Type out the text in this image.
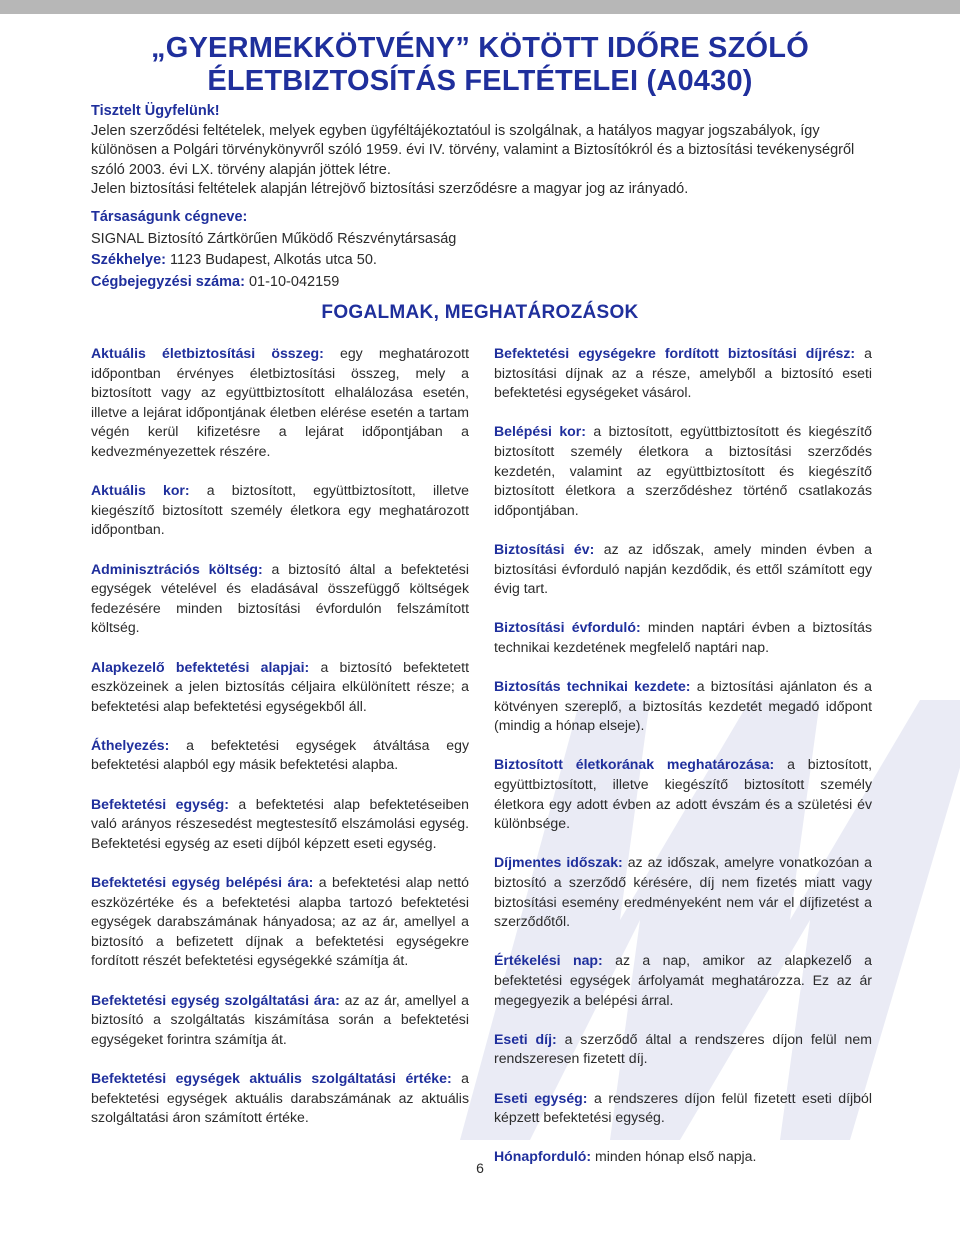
„GYERMEKKÖTVÉNY” KÖTÖTT IDŐRE SZÓLÓ
ÉLETBIZTOSÍTÁS FELTÉTELEI (A0430)

Tisztelt Ügyfelünk!

Jelen szerződési feltételek, melyek egyben ügyféltájékoztatóul is szolgálnak, a hatályos magyar jogszabályok, így különösen a Polgári törvénykönyvről szóló 1959. évi IV. törvény, valamint a Biztosítókról és a biztosítási tevékenységről szóló 2003. évi LX. törvény alapján jöttek létre.

Jelen biztosítási feltételek alapján létrejövő biztosítási szerződésre a magyar jog az irányadó.

Társaságunk cégneve:

SIGNAL Biztosító Zártkörűen Működő Részvénytársaság

Székhelye: 1123 Budapest, Alkotás utca 50.

Cégbejegyzési száma: 01-10-042159

FOGALMAK, MEGHATÁROZÁSOK

Aktuális életbiztosítási összeg: egy meghatározott időpontban érvényes életbiztosítási összeg, mely a biztosított vagy az együttbiztosított elhalálozása esetén, illetve a lejárat időpontjának életben elérése esetén a tartam végén kerül kifizetésre a lejárat időpontjában a kedvezményezettek részére.

Aktuális kor: a biztosított, együttbiztosított, illetve kiegészítő biztosított személy életkora egy meghatározott időpontban.

Adminisztrációs költség: a biztosító által a befektetési egységek vételével és eladásával összefüggő költségek fedezésére minden biztosítási évfordulón felszámított költség.

Alapkezelő befektetési alapjai: a biztosító befektetett eszközeinek a jelen biztosítás céljaira elkülönített része; a befektetési alap befektetési egységekből áll.

Áthelyezés: a befektetési egységek átváltása egy befektetési alapból egy másik befektetési alapba.

Befektetési egység: a befektetési alap befektetéseiben való arányos részesedést megtestesítő elszámolási egység. Befektetési egység az eseti díjból képzett eseti egység.

Befektetési egység belépési ára: a befektetési alap nettó eszközértéke és a befektetési alapba tartozó befektetési egységek darabszámának hányadosa; az az ár, amellyel a biztosító a befizetett díjnak a befektetési egységekre fordított részét befektetési egységekké számítja át.

Befektetési egység szolgáltatási ára: az az ár, amellyel a biztosító a szolgáltatás kiszámítása során a befektetési egységeket forintra számítja át.

Befektetési egységek aktuális szolgáltatási értéke: a befektetési egységek aktuális darabszámának az aktuális szolgáltatási áron számított értéke.

Befektetési egységekre fordított biztosítási díjrész: a biztosítási díjnak az a része, amelyből a biztosító eseti befektetési egységeket vásárol.

Belépési kor: a biztosított, együttbiztosított és kiegészítő biztosított személy életkora a biztosítási szerződés kezdetén, valamint az együttbiztosított és kiegészítő biztosított életkora a szerződéshez történő csatlakozás időpontjában.

Biztosítási év: az az időszak, amely minden évben a biztosítási évforduló napján kezdődik, és ettől számított egy évig tart.

Biztosítási évforduló: minden naptári évben a biztosítás technikai kezdetének megfelelő naptári nap.

Biztosítás technikai kezdete: a biztosítási ajánlaton és a kötvényen szereplő, a biztosítás kezdetét megadó időpont (mindig a hónap elseje).

Biztosított életkorának meghatározása: a biztosított, együttbiztosított, illetve kiegészítő biztosított személy életkora egy adott évben az adott évszám és a születési év különbsége.

Díjmentes időszak: az az időszak, amelyre vonatkozóan a biztosító a szerződő kérésére, díj nem fizetés miatt vagy biztosítási esemény eredményeként nem vár el díjfizetést a szerződőtől.

Értékelési nap: az a nap, amikor az alapkezelő a befektetési egységek árfolyamát meghatározza. Ez az ár megegyezik a belépési árral.

Eseti díj: a szerződő által a rendszeres díjon felül nem rendszeresen fizetett díj.

Eseti egység: a rendszeres díjon felül fizetett eseti díjból képzett befektetési egység.

Hónapforduló: minden hónap első napja.

6
